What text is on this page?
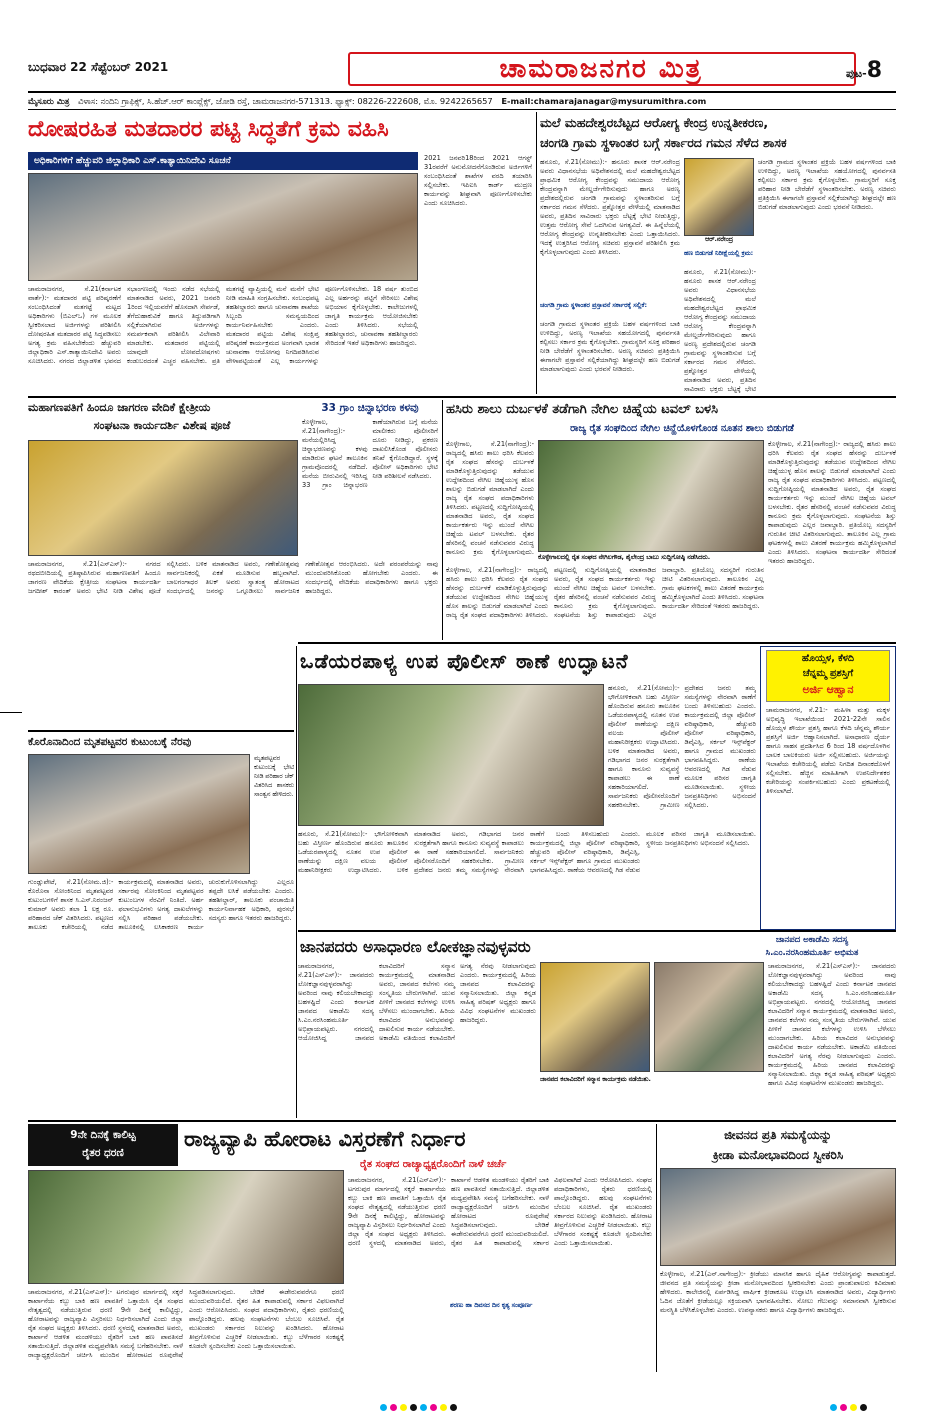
ಬುಧವಾರ 22 ಸೆಪ್ಟೆಂಬರ್ 2021	ಚಾಮರಾಜನಗರ ಮಿತ್ರ	ಪುಟ-8
ಮೈಸೂರು ಮಿತ್ರ ವಿಳಾಸ: ನಂದಿನಿ ಗ್ರಾಫಿಕ್ಸ್, ಸಿ.ಹೆಚ್.ಆರ್ ಕಾಂಪ್ಲೆಕ್ಸ್, ಜೋಡಿ ರಸ್ತೆ, ಚಾಮರಾಜನಗರ-571313. ಫ್ಯಾಕ್ಸ್: 08226-222608, ಮೊ. 9242265657 E-mail:chamarajanagar@mysurumithra.com
ದೋಷರಹಿತ ಮತದಾರರ ಪಟ್ಟಿ ಸಿದ್ಧತೆಗೆ ಕ್ರಮ ವಹಿಸಿ
ಅಧಿಕಾರಿಗಳಿಗೆ ಹೆಚ್ಚುವರಿ ಜಿಲ್ಲಾಧಿಕಾರಿ ಎಸ್.ಕಾತ್ಯಾಯಿನಿದೇವಿ ಸೂಚನೆ	2021 ಜನವರಿ18ರಿಂದ 2021 ಆಗಸ್ಟ್ 31ರವರೆಗೆ ಅನುಮೋದನೆಗೊಂಡಿರುವ ಅರ್ಜಿಗಳಿಗೆ ಸಂಬಂಧಿಸಿದಂತೆ ಶಾಖೆಗಳ ವರದಿ ತಯಾರಿಸಿ ಸಲ್ಲಿಸಬೇಕು. ಇಪಿಐಸಿ ಕಾರ್ಡ್ ಮುದ್ರಣ ಕಾರ್ಯವನ್ನು ಶೀಘ್ರವಾಗಿ ಪೂರ್ಣಗೊಳಿಸಬೇಕು ಎಂದು ಸೂಚಿಸಿದರು.
ಚಾಮರಾಜನಗರ, ಸೆ.21(ಕರ್ನಾಟಕ ವಾರ್ತೆ):- ಮತದಾರರ ಪಟ್ಟಿ ಪರಿಷ್ಕರಣೆಗೆ ಸಂಬಂಧಿಸಿದಂತೆ ಮತಗಟ್ಟೆ ಮಟ್ಟದ ಅಧಿಕಾರಿಗಳು (ಬಿಎಲ್‌ಒ) ಗಳ ಮೂಲಕ ಸ್ವೀಕರಿಸಲಾದ ಅರ್ಜಿಗಳನ್ನು ಪರಿಶೀಲಿಸಿ ದೋಷರಹಿತ ಮತದಾರರ ಪಟ್ಟಿ ಸಿದ್ಧಪಡಿಸಲು ಅಗತ್ಯ ಕ್ರಮ ವಹಿಸಬೇಕೆಂದು ಹೆಚ್ಚುವರಿ ಜಿಲ್ಲಾಧಿಕಾರಿ ಎಸ್.ಕಾತ್ಯಾಯಿನಿದೇವಿ ಅವರು ಸೂಚಿಸಿದರು. ನಗರದ ಜಿಲ್ಲಾಡಳಿತ ಭವನದ ಸಭಾಂಗಣದಲ್ಲಿ ಇಂದು ನಡೆದ ಸಭೆಯಲ್ಲಿ ಮಾತನಾಡಿದ ಅವರು, 2021 ಜನವರಿ 1ರಿಂದ ಇಲ್ಲಿಯವರೆಗೆ ಹೊಸದಾಗಿ ಸೇರ್ಪಡೆ, ತೆಗೆದುಹಾಕುವಿಕೆ ಹಾಗೂ ತಿದ್ದುಪಡಿಗಾಗಿ ಸಲ್ಲಿಕೆಯಾಗಿರುವ ಅರ್ಜಿಗಳನ್ನು ಸಮರ್ಪಕವಾಗಿ ಪರಿಶೀಲಿಸಿ ವಿಲೇವಾರಿ ಮಾಡಬೇಕು. ಮತದಾರರ ಪಟ್ಟಿಯಲ್ಲಿ ಯಾವುದೇ ಲೋಪದೋಷಗಳು ಕಂಡುಬರದಂತೆ ಎಚ್ಚರ ವಹಿಸಬೇಕು. ಪ್ರತಿ ಮತಗಟ್ಟೆ ವ್ಯಾಪ್ತಿಯಲ್ಲಿ ಮನೆ ಮನೆಗೆ ಭೇಟಿ ನೀಡಿ ಮಾಹಿತಿ ಸಂಗ್ರಹಿಸಬೇಕು. ಸಂಬಂಧಪಟ್ಟ ತಹಶೀಲ್ದಾರರು ಹಾಗೂ ಚುನಾವಣಾ ಶಾಖೆಯ ಸಿಬ್ಬಂದಿ ಸಮನ್ವಯದಿಂದ ಕಾರ್ಯನಿರ್ವಹಿಸಬೇಕು ಎಂದರು. ಮತದಾರರ ಪಟ್ಟಿಯ ವಿಶೇಷ ಸಂಕ್ಷಿಪ್ತ ಪರಿಷ್ಕರಣೆ ಕಾರ್ಯಕ್ರಮದ ಅಂಗವಾಗಿ ಭಾರತ ಚುನಾವಣಾ ಆಯೋಗವು ನಿಗದಿಪಡಿಸಿರುವ ವೇಳಾಪಟ್ಟಿಯಂತೆ ಎಲ್ಲ ಕಾರ್ಯಗಳನ್ನು ಪೂರ್ಣಗೊಳಿಸಬೇಕು. 18 ವರ್ಷ ತುಂಬಿದ ಎಲ್ಲ ಅರ್ಹರನ್ನು ಪಟ್ಟಿಗೆ ಸೇರಿಸಲು ವಿಶೇಷ ಅಭಿಯಾನ ಕೈಗೊಳ್ಳಬೇಕು. ಕಾಲೇಜುಗಳಲ್ಲಿ ಜಾಗೃತಿ ಕಾರ್ಯಕ್ರಮ ಆಯೋಜಿಸಬೇಕು ಎಂದು ತಿಳಿಸಿದರು. ಸಭೆಯಲ್ಲಿ ತಹಶೀಲ್ದಾರರು, ಚುನಾವಣಾ ತಹಶೀಲ್ದಾರರು ಸೇರಿದಂತೆ ಇತರೆ ಅಧಿಕಾರಿಗಳು ಹಾಜರಿದ್ದರು.
ಮಲೆ ಮಹದೇಶ್ವರಬೆಟ್ಟದ ಆರೋಗ್ಯ ಕೇಂದ್ರ ಉನ್ನತೀಕರಣ,
ಚಂಗಡಿ ಗ್ರಾಮ ಸ್ಥಳಾಂತರ ಬಗ್ಗೆ ಸರ್ಕಾರದ ಗಮನ ಸೆಳೆದ ಶಾಸಕ
ಹನೂರು, ಸೆ.21(ಸೋಮು):- ಹನೂರು ಶಾಸಕ ಆರ್.ನರೇಂದ್ರ ಅವರು ವಿಧಾನಸಭೆಯ ಅಧಿವೇಶನದಲ್ಲಿ ಮಲೆ ಮಹದೇಶ್ವರಬೆಟ್ಟದ ಪ್ರಾಥಮಿಕ ಆರೋಗ್ಯ ಕೇಂದ್ರವನ್ನು ಸಮುದಾಯ ಆರೋಗ್ಯ ಕೇಂದ್ರವನ್ನಾಗಿ ಮೇಲ್ದರ್ಜೆಗೇರಿಸುವುದು ಹಾಗೂ ಅರಣ್ಯ ಪ್ರದೇಶದಲ್ಲಿರುವ ಚಂಗಡಿ ಗ್ರಾಮವನ್ನು ಸ್ಥಳಾಂತರಿಸುವ ಬಗ್ಗೆ ಸರ್ಕಾರದ ಗಮನ ಸೆಳೆದರು. ಪ್ರಶ್ನೋತ್ತರ ವೇಳೆಯಲ್ಲಿ ಮಾತನಾಡಿದ ಅವರು, ಪ್ರತಿದಿನ ಸಾವಿರಾರು ಭಕ್ತರು ಬೆಟ್ಟಕ್ಕೆ ಭೇಟಿ ನೀಡುತ್ತಿದ್ದು, ಉತ್ತಮ ಆರೋಗ್ಯ ಸೇವೆ ಒದಗಿಸುವ ಅಗತ್ಯವಿದೆ. ಈ ಹಿನ್ನೆಲೆಯಲ್ಲಿ ಆರೋಗ್ಯ ಕೇಂದ್ರವನ್ನು ಉನ್ನತೀಕರಿಸಬೇಕು ಎಂದು ಒತ್ತಾಯಿಸಿದರು. ಇದಕ್ಕೆ ಉತ್ತರಿಸಿದ ಆರೋಗ್ಯ ಸಚಿವರು ಪ್ರಸ್ತಾವನೆ ಪರಿಶೀಲಿಸಿ ಕ್ರಮ ಕೈಗೊಳ್ಳಲಾಗುವುದು ಎಂದು ತಿಳಿಸಿದರು.
ಆರ್.ನರೇಂದ್ರ
ಚಂಗಡಿ ಗ್ರಾಮದ ಸ್ಥಳಾಂತರ ಪ್ರಕ್ರಿಯೆ ಬಹಳ ವರ್ಷಗಳಿಂದ ಬಾಕಿ ಉಳಿದಿದ್ದು, ಅರಣ್ಯ ಇಲಾಖೆಯ ಸಹಯೋಗದಲ್ಲಿ ಪುನರ್ವಸತಿ ಕಲ್ಪಿಸಲು ಸರ್ಕಾರ ಕ್ರಮ ಕೈಗೊಳ್ಳಬೇಕು. ಗ್ರಾಮಸ್ಥರಿಗೆ ಸೂಕ್ತ ಪರಿಹಾರ ನೀಡಿ ಬೇರೆಡೆಗೆ ಸ್ಥಳಾಂತರಿಸಬೇಕು. ಅರಣ್ಯ ಸಚಿವರು ಪ್ರತಿಕ್ರಿಯಿಸಿ ಈಗಾಗಲೇ ಪ್ರಸ್ತಾವನೆ ಸಲ್ಲಿಕೆಯಾಗಿದ್ದು ಶೀಘ್ರದಲ್ಲೇ ಹಣ ಬಿಡುಗಡೆ ಮಾಡಲಾಗುವುದು ಎಂದು ಭರವಸೆ ನೀಡಿದರು.
ಹಣ ಬಿಡುಗಡೆ ನಿರೀಕ್ಷೆಯಲ್ಲಿ ಕ್ರಮ:
ಹನೂರು, ಸೆ.21(ಸೋಮು):- ಹನೂರು ಶಾಸಕ ಆರ್.ನರೇಂದ್ರ ಅವರು ವಿಧಾನಸಭೆಯ ಅಧಿವೇಶನದಲ್ಲಿ ಮಲೆ ಮಹದೇಶ್ವರಬೆಟ್ಟದ ಪ್ರಾಥಮಿಕ ಆರೋಗ್ಯ ಕೇಂದ್ರವನ್ನು ಸಮುದಾಯ ಆರೋಗ್ಯ ಕೇಂದ್ರವನ್ನಾಗಿ ಮೇಲ್ದರ್ಜೆಗೇರಿಸುವುದು ಹಾಗೂ ಅರಣ್ಯ ಪ್ರದೇಶದಲ್ಲಿರುವ ಚಂಗಡಿ ಗ್ರಾಮವನ್ನು ಸ್ಥಳಾಂತರಿಸುವ ಬಗ್ಗೆ ಸರ್ಕಾರದ ಗಮನ ಸೆಳೆದರು. ಪ್ರಶ್ನೋತ್ತರ ವೇಳೆಯಲ್ಲಿ ಮಾತನಾಡಿದ ಅವರು, ಪ್ರತಿದಿನ ಸಾವಿರಾರು ಭಕ್ತರು ಬೆಟ್ಟಕ್ಕೆ ಭೇಟಿ
ಚಂಗಡಿ ಗ್ರಾಮ ಸ್ಥಳಾಂತರ ಪ್ರಸ್ತಾವನೆ ಸರ್ಕಾರಕ್ಕೆ ಸಲ್ಲಿಕೆ:
ಚಂಗಡಿ ಗ್ರಾಮದ ಸ್ಥಳಾಂತರ ಪ್ರಕ್ರಿಯೆ ಬಹಳ ವರ್ಷಗಳಿಂದ ಬಾಕಿ ಉಳಿದಿದ್ದು, ಅರಣ್ಯ ಇಲಾಖೆಯ ಸಹಯೋಗದಲ್ಲಿ ಪುನರ್ವಸತಿ ಕಲ್ಪಿಸಲು ಸರ್ಕಾರ ಕ್ರಮ ಕೈಗೊಳ್ಳಬೇಕು. ಗ್ರಾಮಸ್ಥರಿಗೆ ಸೂಕ್ತ ಪರಿಹಾರ ನೀಡಿ ಬೇರೆಡೆಗೆ ಸ್ಥಳಾಂತರಿಸಬೇಕು. ಅರಣ್ಯ ಸಚಿವರು ಪ್ರತಿಕ್ರಿಯಿಸಿ ಈಗಾಗಲೇ ಪ್ರಸ್ತಾವನೆ ಸಲ್ಲಿಕೆಯಾಗಿದ್ದು ಶೀಘ್ರದಲ್ಲೇ ಹಣ ಬಿಡುಗಡೆ ಮಾಡಲಾಗುವುದು ಎಂದು ಭರವಸೆ ನೀಡಿದರು.
ಮಹಾಗಣಪತಿಗೆ ಹಿಂದೂ ಜಾಗರಣ ವೇದಿಕೆ ಕ್ಷೇತ್ರೀಯ
ಸಂಘಟನಾ ಕಾರ್ಯದರ್ಶಿ ವಿಶೇಷ ಪೂಜೆ
ಚಾಮರಾಜನಗರ, ಸೆ.21(ಎಸ್‌ಎಸ್):- ನಗರದ ರಥದಬೀದಿಯಲ್ಲಿ ಪ್ರತಿಷ್ಠಾಪಿಸಿರುವ ಮಹಾಗಣಪತಿಗೆ ಹಿಂದೂ ಜಾಗರಣ ವೇದಿಕೆಯ ಕ್ಷೇತ್ರೀಯ ಸಂಘಟನಾ ಕಾರ್ಯದರ್ಶಿ ಜಗದೀಶ್ ಕಾರಂತ್ ಅವರು ಭೇಟಿ ನೀಡಿ ವಿಶೇಷ ಪೂಜೆ ಸಲ್ಲಿಸಿದರು. ಬಳಿಕ ಮಾತನಾಡಿದ ಅವರು, ಗಣೇಶೋತ್ಸವವು ಸಾರ್ವಜನಿಕರಲ್ಲಿ ಏಕತೆ ಮೂಡಿಸುವ ಹಬ್ಬವಾಗಿದೆ. ಬಾಲಗಂಗಾಧರ ತಿಲಕ್ ಅವರು ಸ್ವಾತಂತ್ರ್ಯ ಹೋರಾಟದ ಸಂದರ್ಭದಲ್ಲಿ ಜನರನ್ನು ಒಗ್ಗೂಡಿಸಲು ಸಾರ್ವಜನಿಕ ಗಣೇಶೋತ್ಸವ ಆರಂಭಿಸಿದರು. ಅದೇ ಪರಂಪರೆಯನ್ನು ನಾವು ಮುಂದುವರಿಸಿಕೊಂಡು ಹೋಗಬೇಕು ಎಂದರು. ಈ ಸಂದರ್ಭದಲ್ಲಿ ವೇದಿಕೆಯ ಪದಾಧಿಕಾರಿಗಳು ಹಾಗೂ ಭಕ್ತರು ಹಾಜರಿದ್ದರು.
33 ಗ್ರಾಂ ಚಿನ್ನಾಭರಣ ಕಳವು
ಕೊಳ್ಳೇಗಾಲ, ಸೆ.21(ನಾಗೇಂದ್ರ):- ಮನೆಯಲ್ಲಿರಿಸಿದ್ದ ಚಿನ್ನಾಭರಣವನ್ನು ಕಳವು ಮಾಡಿರುವ ಘಟನೆ ತಾಲೂಕಿನ ಗ್ರಾಮವೊಂದರಲ್ಲಿ ನಡೆದಿದೆ. ಮನೆಯ ಬೀರುವಿನಲ್ಲಿ ಇರಿಸಿದ್ದ 33 ಗ್ರಾಂ ಚಿನ್ನಾಭರಣ ಕಾಣೆಯಾಗಿರುವ ಬಗ್ಗೆ ಮನೆಯ ಮಾಲೀಕರು ಪೊಲೀಸರಿಗೆ ದೂರು ನೀಡಿದ್ದು, ಪ್ರಕರಣ ದಾಖಲಿಸಿಕೊಂಡ ಪೊಲೀಸರು ತನಿಖೆ ಕೈಗೊಂಡಿದ್ದಾರೆ. ಸ್ಥಳಕ್ಕೆ ಪೊಲೀಸ್ ಅಧಿಕಾರಿಗಳು ಭೇಟಿ ನೀಡಿ ಪರಿಶೀಲನೆ ನಡೆಸಿದರು.
ಹಸಿರು ಶಾಲು ದುರ್ಬಳಕೆ ತಡೆಗಾಗಿ ನೇಗಿಲ ಚಿಹ್ನೆಯ ಟವಲ್ ಬಳಸಿ
ರಾಜ್ಯ ರೈತ ಸಂಘದಿಂದ ನೇಗಿಲ ಚಿನ್ಹೆಯೊಳಗೊಂಡ ನೂತನ ಶಾಲು ಬಿಡುಗಡೆ
ಕೊಳ್ಳೇಗಾಲ, ಸೆ.21(ನಾಗೇಂದ್ರ):- ರಾಜ್ಯದಲ್ಲಿ ಹಸಿರು ಶಾಲು ಧರಿಸಿ ಕೆಲವರು ರೈತ ಸಂಘದ ಹೆಸರನ್ನು ದುರ್ಬಳಕೆ ಮಾಡಿಕೊಳ್ಳುತ್ತಿರುವುದನ್ನು ತಡೆಯುವ ಉದ್ದೇಶದಿಂದ ನೇಗಿಲ ಚಿಹ್ನೆಯುಳ್ಳ ಹೊಸ ಶಾಲನ್ನು ಬಿಡುಗಡೆ ಮಾಡಲಾಗಿದೆ ಎಂದು ರಾಜ್ಯ ರೈತ ಸಂಘದ ಪದಾಧಿಕಾರಿಗಳು ತಿಳಿಸಿದರು. ಪಟ್ಟಣದಲ್ಲಿ ಸುದ್ದಿಗೋಷ್ಠಿಯಲ್ಲಿ ಮಾತನಾಡಿದ ಅವರು, ರೈತ ಸಂಘದ ಕಾರ್ಯಕರ್ತರು ಇನ್ನು ಮುಂದೆ ನೇಗಿಲ ಚಿಹ್ನೆಯ ಟವಲ್ ಬಳಸಬೇಕು. ರೈತರ ಹೆಸರಿನಲ್ಲಿ ವಂಚನೆ ನಡೆಸುವವರ ವಿರುದ್ಧ ಕಾನೂನು ಕ್ರಮ ಕೈಗೊಳ್ಳಲಾಗುವುದು.
ಕೊಳ್ಳೇಗಾಲದಲ್ಲಿ ರೈತ ಸಂಘದ ನೇಗಿಲಗೌಡ, ಶೈಲೇಂದ್ರ ಬಾಬು ಸುದ್ದಿಗೋಷ್ಠಿ ನಡೆಸಿದರು.
ಕೊಳ್ಳೇಗಾಲ, ಸೆ.21(ನಾಗೇಂದ್ರ):- ರಾಜ್ಯದಲ್ಲಿ ಹಸಿರು ಶಾಲು ಧರಿಸಿ ಕೆಲವರು ರೈತ ಸಂಘದ ಹೆಸರನ್ನು ದುರ್ಬಳಕೆ ಮಾಡಿಕೊಳ್ಳುತ್ತಿರುವುದನ್ನು ತಡೆಯುವ ಉದ್ದೇಶದಿಂದ ನೇಗಿಲ ಚಿಹ್ನೆಯುಳ್ಳ ಹೊಸ ಶಾಲನ್ನು ಬಿಡುಗಡೆ ಮಾಡಲಾಗಿದೆ ಎಂದು ರಾಜ್ಯ ರೈತ ಸಂಘದ ಪದಾಧಿಕಾರಿಗಳು ತಿಳಿಸಿದರು. ಪಟ್ಟಣದಲ್ಲಿ ಸುದ್ದಿಗೋಷ್ಠಿಯಲ್ಲಿ ಮಾತನಾಡಿದ ಅವರು, ರೈತ ಸಂಘದ ಕಾರ್ಯಕರ್ತರು ಇನ್ನು ಮುಂದೆ ನೇಗಿಲ ಚಿಹ್ನೆಯ ಟವಲ್ ಬಳಸಬೇಕು. ರೈತರ ಹೆಸರಿನಲ್ಲಿ ವಂಚನೆ ನಡೆಸುವವರ ವಿರುದ್ಧ ಕಾನೂನು ಕ್ರಮ ಕೈಗೊಳ್ಳಲಾಗುವುದು. ಸಂಘಟನೆಯ ಶಿಸ್ತು ಕಾಪಾಡುವುದು ಎಲ್ಲರ ಜವಾಬ್ದಾರಿ. ಪ್ರತಿಯೊಬ್ಬ ಸದಸ್ಯರಿಗೆ ಗುರುತಿನ ಚೀಟಿ ವಿತರಿಸಲಾಗುವುದು. ತಾಲೂಕಿನ ಎಲ್ಲ ಗ್ರಾಮ ಘಟಕಗಳಲ್ಲಿ ಶಾಲು ವಿತರಣೆ ಕಾರ್ಯಕ್ರಮ ಹಮ್ಮಿಕೊಳ್ಳಲಾಗಿದೆ ಎಂದು ತಿಳಿಸಿದರು. ಸಂಘಟನಾ ಕಾರ್ಯದರ್ಶಿ ಸೇರಿದಂತೆ ಇತರರು ಹಾಜರಿದ್ದರು.
ಕೊಳ್ಳೇಗಾಲ, ಸೆ.21(ನಾಗೇಂದ್ರ):- ರಾಜ್ಯದಲ್ಲಿ ಹಸಿರು ಶಾಲು ಧರಿಸಿ ಕೆಲವರು ರೈತ ಸಂಘದ ಹೆಸರನ್ನು ದುರ್ಬಳಕೆ ಮಾಡಿಕೊಳ್ಳುತ್ತಿರುವುದನ್ನು ತಡೆಯುವ ಉದ್ದೇಶದಿಂದ ನೇಗಿಲ ಚಿಹ್ನೆಯುಳ್ಳ ಹೊಸ ಶಾಲನ್ನು ಬಿಡುಗಡೆ ಮಾಡಲಾಗಿದೆ ಎಂದು ರಾಜ್ಯ ರೈತ ಸಂಘದ ಪದಾಧಿಕಾರಿಗಳು ತಿಳಿಸಿದರು. ಪಟ್ಟಣದಲ್ಲಿ ಸುದ್ದಿಗೋಷ್ಠಿಯಲ್ಲಿ ಮಾತನಾಡಿದ ಅವರು, ರೈತ ಸಂಘದ ಕಾರ್ಯಕರ್ತರು ಇನ್ನು ಮುಂದೆ ನೇಗಿಲ ಚಿಹ್ನೆಯ ಟವಲ್ ಬಳಸಬೇಕು. ರೈತರ ಹೆಸರಿನಲ್ಲಿ ವಂಚನೆ ನಡೆಸುವವರ ವಿರುದ್ಧ ಕಾನೂನು ಕ್ರಮ ಕೈಗೊಳ್ಳಲಾಗುವುದು. ಸಂಘಟನೆಯ ಶಿಸ್ತು ಕಾಪಾಡುವುದು ಎಲ್ಲರ ಜವಾಬ್ದಾರಿ. ಪ್ರತಿಯೊಬ್ಬ ಸದಸ್ಯರಿಗೆ ಗುರುತಿನ ಚೀಟಿ ವಿತರಿಸಲಾಗುವುದು. ತಾಲೂಕಿನ ಎಲ್ಲ ಗ್ರಾಮ ಘಟಕಗಳಲ್ಲಿ ಶಾಲು ವಿತರಣೆ ಕಾರ್ಯಕ್ರಮ ಹಮ್ಮಿಕೊಳ್ಳಲಾಗಿದೆ ಎಂದು ತಿಳಿಸಿದರು. ಸಂಘಟನಾ ಕಾರ್ಯದರ್ಶಿ ಸೇರಿದಂತೆ ಇತರರು ಹಾಜರಿದ್ದರು.
ಒಡೆಯರಪಾಳ್ಯ ಉಪ ಪೊಲೀಸ್ ಠಾಣೆ ಉದ್ಘಾಟನೆ
ಹನೂರು, ಸೆ.21(ಸೋಮು):- ಭೌಗೋಳಿಕವಾಗಿ ಬಹು ವಿಸ್ತೀರ್ಣ ಹೊಂದಿರುವ ಹನೂರು ತಾಲೂಕಿನ ಒಡೆಯರಪಾಳ್ಯದಲ್ಲಿ ನೂತನ ಉಪ ಪೊಲೀಸ್ ಠಾಣೆಯನ್ನು ದಕ್ಷಿಣ ವಲಯ ಪೊಲೀಸ್ ಮಹಾನಿರೀಕ್ಷಕರು ಉದ್ಘಾಟಿಸಿದರು. ಬಳಿಕ ಮಾತನಾಡಿದ ಅವರು, ಗಡಿಭಾಗದ ಜನರ ಸುರಕ್ಷತೆಗಾಗಿ ಹಾಗೂ ಕಾನೂನು ಸುವ್ಯವಸ್ಥೆ ಕಾಪಾಡಲು ಈ ಠಾಣೆ ಸಹಕಾರಿಯಾಗಲಿದೆ. ಸಾರ್ವಜನಿಕರು ಪೊಲೀಸರೊಂದಿಗೆ ಸಹಕರಿಸಬೇಕು. ಗ್ರಾಮೀಣ ಪ್ರದೇಶದ ಜನರು ತಮ್ಮ ಸಮಸ್ಯೆಗಳನ್ನು ನೇರವಾಗಿ ಠಾಣೆಗೆ ಬಂದು ತಿಳಿಸಬಹುದು ಎಂದರು. ಕಾರ್ಯಕ್ರಮದಲ್ಲಿ ಜಿಲ್ಲಾ ಪೊಲೀಸ್ ವರಿಷ್ಠಾಧಿಕಾರಿ, ಹೆಚ್ಚುವರಿ ಪೊಲೀಸ್ ವರಿಷ್ಠಾಧಿಕಾರಿ, ಡಿವೈಎಸ್ಪಿ, ಸರ್ಕಲ್ ಇನ್ಸ್‌ಪೆಕ್ಟರ್ ಹಾಗೂ ಗ್ರಾಮದ ಮುಖಂಡರು ಭಾಗವಹಿಸಿದ್ದರು. ಠಾಣೆಯ ಆವರಣದಲ್ಲಿ ಗಿಡ ನೆಡುವ ಮೂಲಕ ಪರಿಸರ ಜಾಗೃತಿ ಮೂಡಿಸಲಾಯಿತು. ಸ್ಥಳೀಯ ಜನಪ್ರತಿನಿಧಿಗಳು ಅಭಿನಂದನೆ ಸಲ್ಲಿಸಿದರು.
ಹನೂರು, ಸೆ.21(ಸೋಮು):- ಭೌಗೋಳಿಕವಾಗಿ ಬಹು ವಿಸ್ತೀರ್ಣ ಹೊಂದಿರುವ ಹನೂರು ತಾಲೂಕಿನ ಒಡೆಯರಪಾಳ್ಯದಲ್ಲಿ ನೂತನ ಉಪ ಪೊಲೀಸ್ ಠಾಣೆಯನ್ನು ದಕ್ಷಿಣ ವಲಯ ಪೊಲೀಸ್ ಮಹಾನಿರೀಕ್ಷಕರು ಉದ್ಘಾಟಿಸಿದರು. ಬಳಿಕ ಮಾತನಾಡಿದ ಅವರು, ಗಡಿಭಾಗದ ಜನರ ಸುರಕ್ಷತೆಗಾಗಿ ಹಾಗೂ ಕಾನೂನು ಸುವ್ಯವಸ್ಥೆ ಕಾಪಾಡಲು ಈ ಠಾಣೆ ಸಹಕಾರಿಯಾಗಲಿದೆ. ಸಾರ್ವಜನಿಕರು ಪೊಲೀಸರೊಂದಿಗೆ ಸಹಕರಿಸಬೇಕು. ಗ್ರಾಮೀಣ ಪ್ರದೇಶದ ಜನರು ತಮ್ಮ ಸಮಸ್ಯೆಗಳನ್ನು ನೇರವಾಗಿ ಠಾಣೆಗೆ ಬಂದು ತಿಳಿಸಬಹುದು ಎಂದರು. ಕಾರ್ಯಕ್ರಮದಲ್ಲಿ ಜಿಲ್ಲಾ ಪೊಲೀಸ್ ವರಿಷ್ಠಾಧಿಕಾರಿ, ಹೆಚ್ಚುವರಿ ಪೊಲೀಸ್ ವರಿಷ್ಠಾಧಿಕಾರಿ, ಡಿವೈಎಸ್ಪಿ, ಸರ್ಕಲ್ ಇನ್ಸ್‌ಪೆಕ್ಟರ್ ಹಾಗೂ ಗ್ರಾಮದ ಮುಖಂಡರು ಭಾಗವಹಿಸಿದ್ದರು. ಠಾಣೆಯ ಆವರಣದಲ್ಲಿ ಗಿಡ ನೆಡುವ ಮೂಲಕ ಪರಿಸರ ಜಾಗೃತಿ ಮೂಡಿಸಲಾಯಿತು. ಸ್ಥಳೀಯ ಜನಪ್ರತಿನಿಧಿಗಳು ಅಭಿನಂದನೆ ಸಲ್ಲಿಸಿದರು.
ಹೊಯ್ಸಳ, ಕೆಳದಿ
ಚೆನ್ನಮ್ಮ ಪ್ರಶಸ್ತಿಗೆ
ಅರ್ಜಿ ಆಹ್ವಾನ
ಚಾಮರಾಜನಗರ, ಸೆ.21:- ಮಹಿಳಾ ಮತ್ತು ಮಕ್ಕಳ ಅಭಿವೃದ್ಧಿ ಇಲಾಖೆಯಿಂದ 2021-22ನೇ ಸಾಲಿನ ಹೊಯ್ಸಳ ಶೌರ್ಯ ಪ್ರಶಸ್ತಿ ಹಾಗೂ ಕೆಳದಿ ಚೆನ್ನಮ್ಮ ಶೌರ್ಯ ಪ್ರಶಸ್ತಿಗೆ ಅರ್ಜಿ ಆಹ್ವಾನಿಸಲಾಗಿದೆ. ಅಸಾಧಾರಣ ಧೈರ್ಯ ಹಾಗೂ ಸಾಹಸ ಪ್ರದರ್ಶಿಸಿದ 6 ರಿಂದ 18 ವರ್ಷದೊಳಗಿನ ಬಾಲಕ ಬಾಲಕಿಯರು ಅರ್ಜಿ ಸಲ್ಲಿಸಬಹುದು. ಅರ್ಜಿಯನ್ನು ಇಲಾಖೆಯ ಕಚೇರಿಯಲ್ಲಿ ಪಡೆದು ನಿಗದಿತ ದಿನಾಂಕದೊಳಗೆ ಸಲ್ಲಿಸಬೇಕು. ಹೆಚ್ಚಿನ ಮಾಹಿತಿಗಾಗಿ ಉಪನಿರ್ದೇಶಕರ ಕಚೇರಿಯನ್ನು ಸಂಪರ್ಕಿಸಬಹುದು ಎಂದು ಪ್ರಕಟಣೆಯಲ್ಲಿ ತಿಳಿಸಲಾಗಿದೆ.
ಕೊರೊನಾದಿಂದ ಮೃತಪಟ್ಟವರ ಕುಟುಂಬಕ್ಕೆ ನೆರವು
ಮೃತಪಟ್ಟವರ ಕುಟುಂಬಕ್ಕೆ ಭೇಟಿ ನೀಡಿ ಪರಿಹಾರ ಚೆಕ್ ವಿತರಿಸಿದ ಶಾಸಕರು ಸಾಂತ್ವನ ಹೇಳಿದರು.
ಗುಂಡ್ಲುಪೇಟೆ, ಸೆ.21(ಸೋಮ.ಜಿ):- ಕೊರೊನಾ ಸೋಂಕಿನಿಂದ ಮೃತಪಟ್ಟವರ ಕುಟುಂಬಗಳಿಗೆ ಶಾಸಕ ಸಿ.ಎಸ್.ನಿರಂಜನ್ ಕುಮಾರ್ ಅವರು ತಲಾ 1 ಲಕ್ಷ ರೂ. ಪರಿಹಾರದ ಚೆಕ್ ವಿತರಿಸಿದರು. ಪಟ್ಟಣದ ತಾಲೂಕು ಕಚೇರಿಯಲ್ಲಿ ನಡೆದ ಕಾರ್ಯಕ್ರಮದಲ್ಲಿ ಮಾತನಾಡಿದ ಅವರು, ಸರ್ಕಾರವು ಸೋಂಕಿನಿಂದ ಮೃತಪಟ್ಟವರ ಕುಟುಂಬಗಳ ನೆರವಿಗೆ ನಿಂತಿದೆ. ಅರ್ಹ ಫಲಾನುಭವಿಗಳು ಅಗತ್ಯ ದಾಖಲೆಗಳನ್ನು ಸಲ್ಲಿಸಿ ಪರಿಹಾರ ಪಡೆಯಬೇಕು. ತಾಲೂಕಿನಲ್ಲಿ ಲಸಿಕಾಕರಣ ಕಾರ್ಯ ಚುರುಕುಗೊಳಿಸಲಾಗಿದ್ದು ಎಲ್ಲರೂ ತಪ್ಪದೇ ಲಸಿಕೆ ಪಡೆಯಬೇಕು ಎಂದರು. ತಹಶೀಲ್ದಾರ್, ತಾಲೂಕು ಪಂಚಾಯಿತಿ ಕಾರ್ಯನಿರ್ವಾಹಕ ಅಧಿಕಾರಿ, ಪುರಸಭೆ ಸದಸ್ಯರು ಹಾಗೂ ಇತರರು ಹಾಜರಿದ್ದರು.
ಜಾನಪದರು ಅಸಾಧಾರಣ ಲೋಕಜ್ಞಾನವುಳ್ಳವರು	ಜಾನಪದ ಅಕಾಡೆಮಿ ಸದಸ್ಯ
ಸಿ.ಎಂ.ನರಸಿಂಹಮೂರ್ತಿ ಅಭಿಮತ
ಚಾಮರಾಜನಗರ, ಸೆ.21(ಎಸ್‌ಎಸ್):- ಜಾನಪದರು ಲೋಕಜ್ಞಾನವುಳ್ಳವರಾಗಿದ್ದು ಅವರಿಂದ ನಾವು ಕಲಿಯಬೇಕಾದದ್ದು ಬಹಳಷ್ಟಿದೆ ಎಂದು ಕರ್ನಾಟಕ ಜಾನಪದ ಅಕಾಡೆಮಿ ಸದಸ್ಯ ಸಿ.ಎಂ.ನರಸಿಂಹಮೂರ್ತಿ ಅಭಿಪ್ರಾಯಪಟ್ಟರು. ನಗರದಲ್ಲಿ ಆಯೋಜಿಸಿದ್ದ ಜಾನಪದ ಕಲಾವಿದರಿಗೆ ಸನ್ಮಾನ ಕಾರ್ಯಕ್ರಮದಲ್ಲಿ ಮಾತನಾಡಿದ ಅವರು, ಜಾನಪದ ಕಲೆಗಳು ನಮ್ಮ ಸಂಸ್ಕೃತಿಯ ಬೇರುಗಳಾಗಿವೆ. ಯುವ ಪೀಳಿಗೆ ಜಾನಪದ ಕಲೆಗಳನ್ನು ಉಳಿಸಿ ಬೆಳೆಸಲು ಮುಂದಾಗಬೇಕು. ಹಿರಿಯ ಕಲಾವಿದರ ಅನುಭವವನ್ನು ದಾಖಲಿಸುವ ಕಾರ್ಯ ನಡೆಯಬೇಕು. ಅಕಾಡೆಮಿ ವತಿಯಿಂದ ಕಲಾವಿದರಿಗೆ ಅಗತ್ಯ ನೆರವು ನೀಡಲಾಗುವುದು ಎಂದರು. ಕಾರ್ಯಕ್ರಮದಲ್ಲಿ ಹಿರಿಯ ಜಾನಪದ ಕಲಾವಿದರನ್ನು ಸನ್ಮಾನಿಸಲಾಯಿತು. ಜಿಲ್ಲಾ ಕನ್ನಡ ಸಾಹಿತ್ಯ ಪರಿಷತ್ ಅಧ್ಯಕ್ಷರು ಹಾಗೂ ವಿವಿಧ ಸಂಘಟನೆಗಳ ಮುಖಂಡರು ಹಾಜರಿದ್ದರು.
ಜಾನಪದ ಕಲಾವಿದರಿಗೆ ಸನ್ಮಾನ ಕಾರ್ಯಕ್ರಮ ನಡೆಯಿತು.
ಚಾಮರಾಜನಗರ, ಸೆ.21(ಎಸ್‌ಎಸ್):- ಜಾನಪದರು ಲೋಕಜ್ಞಾನವುಳ್ಳವರಾಗಿದ್ದು ಅವರಿಂದ ನಾವು ಕಲಿಯಬೇಕಾದದ್ದು ಬಹಳಷ್ಟಿದೆ ಎಂದು ಕರ್ನಾಟಕ ಜಾನಪದ ಅಕಾಡೆಮಿ ಸದಸ್ಯ ಸಿ.ಎಂ.ನರಸಿಂಹಮೂರ್ತಿ ಅಭಿಪ್ರಾಯಪಟ್ಟರು. ನಗರದಲ್ಲಿ ಆಯೋಜಿಸಿದ್ದ ಜಾನಪದ ಕಲಾವಿದರಿಗೆ ಸನ್ಮಾನ ಕಾರ್ಯಕ್ರಮದಲ್ಲಿ ಮಾತನಾಡಿದ ಅವರು, ಜಾನಪದ ಕಲೆಗಳು ನಮ್ಮ ಸಂಸ್ಕೃತಿಯ ಬೇರುಗಳಾಗಿವೆ. ಯುವ ಪೀಳಿಗೆ ಜಾನಪದ ಕಲೆಗಳನ್ನು ಉಳಿಸಿ ಬೆಳೆಸಲು ಮುಂದಾಗಬೇಕು. ಹಿರಿಯ ಕಲಾವಿದರ ಅನುಭವವನ್ನು ದಾಖಲಿಸುವ ಕಾರ್ಯ ನಡೆಯಬೇಕು. ಅಕಾಡೆಮಿ ವತಿಯಿಂದ ಕಲಾವಿದರಿಗೆ ಅಗತ್ಯ ನೆರವು ನೀಡಲಾಗುವುದು ಎಂದರು. ಕಾರ್ಯಕ್ರಮದಲ್ಲಿ ಹಿರಿಯ ಜಾನಪದ ಕಲಾವಿದರನ್ನು ಸನ್ಮಾನಿಸಲಾಯಿತು. ಜಿಲ್ಲಾ ಕನ್ನಡ ಸಾಹಿತ್ಯ ಪರಿಷತ್ ಅಧ್ಯಕ್ಷರು ಹಾಗೂ ವಿವಿಧ ಸಂಘಟನೆಗಳ ಮುಖಂಡರು ಹಾಜರಿದ್ದರು.
9ನೇ ದಿನಕ್ಕೆ ಕಾಲಿಟ್ಟ
ರೈತರ ಧರಣಿ
ರಾಜ್ಯವ್ಯಾಪಿ ಹೋರಾಟ ವಿಸ್ತರಣೆಗೆ ನಿರ್ಧಾರ
ರೈತ ಸಂಘದ ರಾಜ್ಯಾಧ್ಯಕ್ಷರೊಂದಿಗೆ ನಾಳೆ ಚರ್ಚೆ
ಚಾಮರಾಜನಗರ, ಸೆ.21(ಎಸ್‌ಎಸ್):- ಟಗರುಪುರ ಮಾರ್ಗದಲ್ಲಿ ಸಕ್ಕರೆ ಕಾರ್ಖಾನೆಯ ಕಬ್ಬು ಬಾಕಿ ಹಣ ಪಾವತಿಗೆ ಒತ್ತಾಯಿಸಿ ರೈತ ಸಂಘದ ನೇತೃತ್ವದಲ್ಲಿ ನಡೆಯುತ್ತಿರುವ ಧರಣಿ 9ನೇ ದಿನಕ್ಕೆ ಕಾಲಿಟ್ಟಿದ್ದು, ಹೋರಾಟವನ್ನು ರಾಜ್ಯವ್ಯಾಪಿ ವಿಸ್ತರಿಸಲು ನಿರ್ಧರಿಸಲಾಗಿದೆ ಎಂದು ಜಿಲ್ಲಾ ರೈತ ಸಂಘದ ಅಧ್ಯಕ್ಷರು ತಿಳಿಸಿದರು. ಧರಣಿ ಸ್ಥಳದಲ್ಲಿ ಮಾತನಾಡಿದ ಅವರು, ಕಾರ್ಖಾನೆ ಆಡಳಿತ ಮಂಡಳಿಯು ರೈತರಿಗೆ ಬಾಕಿ ಹಣ ಪಾವತಿಸದೆ ಸತಾಯಿಸುತ್ತಿದೆ. ಜಿಲ್ಲಾಡಳಿತ ಮಧ್ಯಪ್ರವೇಶಿಸಿ ಸಮಸ್ಯೆ ಬಗೆಹರಿಸಬೇಕು. ನಾಳೆ ರಾಜ್ಯಾಧ್ಯಕ್ಷರೊಂದಿಗೆ ಚರ್ಚಿಸಿ ಮುಂದಿನ ಹೋರಾಟದ ರೂಪುರೇಷೆ ಸಿದ್ಧಪಡಿಸಲಾಗುವುದು. ಬೇಡಿಕೆ ಈಡೇರುವವರೆಗೂ ಧರಣಿ ಮುಂದುವರಿಯಲಿದೆ. ರೈತರ ಹಿತ ಕಾಪಾಡುವಲ್ಲಿ ಸರ್ಕಾರ ವಿಫಲವಾಗಿದೆ ಎಂದು ಆರೋಪಿಸಿದರು. ಸಂಘದ ಪದಾಧಿಕಾರಿಗಳು, ರೈತರು ಧರಣಿಯಲ್ಲಿ ಪಾಲ್ಗೊಂಡಿದ್ದರು. ಹಲವು ಸಂಘಟನೆಗಳು ಬೆಂಬಲ ಸೂಚಿಸಿವೆ. ರೈತ ಮುಖಂಡರು ಸರ್ಕಾರದ ನಿಲುವನ್ನು ಖಂಡಿಸಿದರು. ಹೋರಾಟ ತೀವ್ರಗೊಳಿಸುವ ಎಚ್ಚರಿಕೆ ನೀಡಲಾಯಿತು. ಕಬ್ಬು ಬೆಳೆಗಾರರ ಸಂಕಷ್ಟಕ್ಕೆ ಕೂಡಲೇ ಸ್ಪಂದಿಸಬೇಕು ಎಂದು ಒತ್ತಾಯಿಸಲಾಯಿತು.
ಚಾಮರಾಜನಗರ, ಸೆ.21(ಎಸ್‌ಎಸ್):- ಟಗರುಪುರ ಮಾರ್ಗದಲ್ಲಿ ಸಕ್ಕರೆ ಕಾರ್ಖಾನೆಯ ಕಬ್ಬು ಬಾಕಿ ಹಣ ಪಾವತಿಗೆ ಒತ್ತಾಯಿಸಿ ರೈತ ಸಂಘದ ನೇತೃತ್ವದಲ್ಲಿ ನಡೆಯುತ್ತಿರುವ ಧರಣಿ 9ನೇ ದಿನಕ್ಕೆ ಕಾಲಿಟ್ಟಿದ್ದು, ಹೋರಾಟವನ್ನು ರಾಜ್ಯವ್ಯಾಪಿ ವಿಸ್ತರಿಸಲು ನಿರ್ಧರಿಸಲಾಗಿದೆ ಎಂದು ಜಿಲ್ಲಾ ರೈತ ಸಂಘದ ಅಧ್ಯಕ್ಷರು ತಿಳಿಸಿದರು. ಧರಣಿ ಸ್ಥಳದಲ್ಲಿ ಮಾತನಾಡಿದ ಅವರು, ಕಾರ್ಖಾನೆ ಆಡಳಿತ ಮಂಡಳಿಯು ರೈತರಿಗೆ ಬಾಕಿ ಹಣ ಪಾವತಿಸದೆ ಸತಾಯಿಸುತ್ತಿದೆ. ಜಿಲ್ಲಾಡಳಿತ ಮಧ್ಯಪ್ರವೇಶಿಸಿ ಸಮಸ್ಯೆ ಬಗೆಹರಿಸಬೇಕು. ನಾಳೆ ರಾಜ್ಯಾಧ್ಯಕ್ಷರೊಂದಿಗೆ ಚರ್ಚಿಸಿ ಮುಂದಿನ ಹೋರಾಟದ ರೂಪುರೇಷೆ ಸಿದ್ಧಪಡಿಸಲಾಗುವುದು. ಬೇಡಿಕೆ ಈಡೇರುವವರೆಗೂ ಧರಣಿ ಮುಂದುವರಿಯಲಿದೆ. ರೈತರ ಹಿತ ಕಾಪಾಡುವಲ್ಲಿ ಸರ್ಕಾರ ವಿಫಲವಾಗಿದೆ ಎಂದು ಆರೋಪಿಸಿದರು. ಸಂಘದ ಪದಾಧಿಕಾರಿಗಳು, ರೈತರು ಧರಣಿಯಲ್ಲಿ ಪಾಲ್ಗೊಂಡಿದ್ದರು. ಹಲವು ಸಂಘಟನೆಗಳು ಬೆಂಬಲ ಸೂಚಿಸಿವೆ. ರೈತ ಮುಖಂಡರು ಸರ್ಕಾರದ ನಿಲುವನ್ನು ಖಂಡಿಸಿದರು. ಹೋರಾಟ ತೀವ್ರಗೊಳಿಸುವ ಎಚ್ಚರಿಕೆ ನೀಡಲಾಯಿತು. ಕಬ್ಬು ಬೆಳೆಗಾರರ ಸಂಕಷ್ಟಕ್ಕೆ ಕೂಡಲೇ ಸ್ಪಂದಿಸಬೇಕು ಎಂದು ಒತ್ತಾಯಿಸಲಾಯಿತು.
ಶರಣು ಹಾ ದಿವಸದ ದಿನ ಕೃತ್ಯ ಸಂಪೂರ್ಣ
ಜೀವನದ ಪ್ರತಿ ಸಮಸ್ಯೆಯನ್ನು
ಕ್ರೀಡಾ ಮನೋಭಾವದಿಂದ ಸ್ವೀಕರಿಸಿ
ಕೊಳ್ಳೇಗಾಲ, ಸೆ.21(ಎನ್.ನಾಗೇಂದ್ರ):- ಕ್ರೀಡೆಯು ಮಾನಸಿಕ ಹಾಗೂ ದೈಹಿಕ ಆರೋಗ್ಯವನ್ನು ಕಾಪಾಡುತ್ತದೆ. ಜೀವನದ ಪ್ರತಿ ಸಮಸ್ಯೆಯನ್ನು ಕ್ರೀಡಾ ಮನೋಭಾವದಿಂದ ಸ್ವೀಕರಿಸಬೇಕು ಎಂದು ಪ್ರಾಂಶುಪಾಲರು ಕಿವಿಮಾತು ಹೇಳಿದರು. ಕಾಲೇಜಿನಲ್ಲಿ ಏರ್ಪಡಿಸಿದ್ದ ವಾರ್ಷಿಕ ಕ್ರೀಡಾಕೂಟ ಉದ್ಘಾಟಿಸಿ ಮಾತನಾಡಿದ ಅವರು, ವಿದ್ಯಾರ್ಥಿಗಳು ಓದಿನ ಜೊತೆಗೆ ಕ್ರೀಡೆಯಲ್ಲೂ ಸಕ್ರಿಯವಾಗಿ ಭಾಗವಹಿಸಬೇಕು. ಸೋಲು ಗೆಲುವನ್ನು ಸಮಾನವಾಗಿ ಸ್ವೀಕರಿಸುವ ಮನಸ್ಥಿತಿ ಬೆಳೆಸಿಕೊಳ್ಳಬೇಕು ಎಂದರು. ಉಪನ್ಯಾಸಕರು ಹಾಗೂ ವಿದ್ಯಾರ್ಥಿಗಳು ಹಾಜರಿದ್ದರು.
